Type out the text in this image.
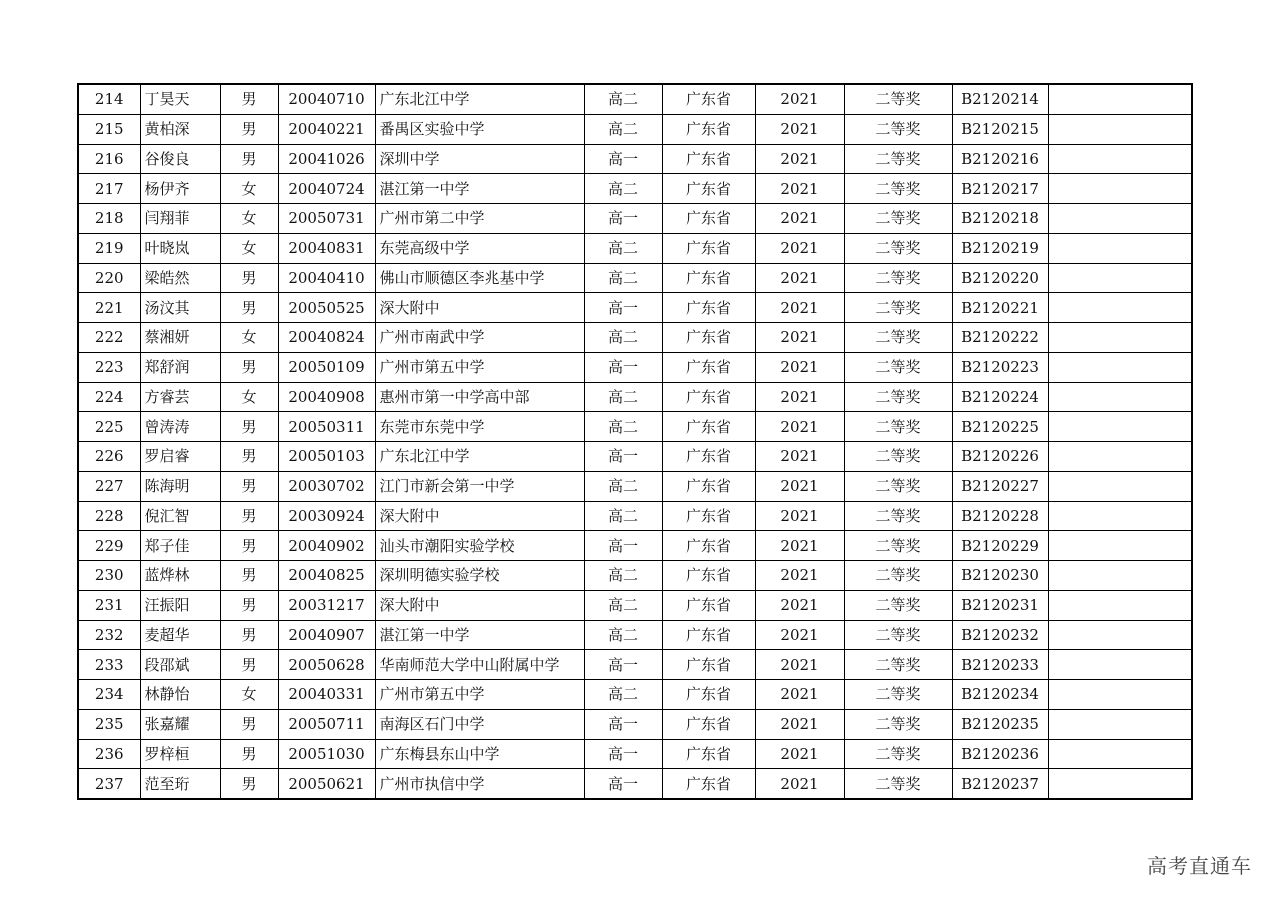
214	丁昊天	男	20040710	广东北江中学	高二	广东省	2021	二等奖	B2120214	
215	黄柏深	男	20040221	番禺区实验中学	高二	广东省	2021	二等奖	B2120215	
216	谷俊良	男	20041026	深圳中学	高一	广东省	2021	二等奖	B2120216	
217	杨伊齐	女	20040724	湛江第一中学	高二	广东省	2021	二等奖	B2120217	
218	闫翔菲	女	20050731	广州市第二中学	高一	广东省	2021	二等奖	B2120218	
219	叶晓岚	女	20040831	东莞高级中学	高二	广东省	2021	二等奖	B2120219	
220	梁皓然	男	20040410	佛山市顺德区李兆基中学	高二	广东省	2021	二等奖	B2120220	
221	汤汶其	男	20050525	深大附中	高一	广东省	2021	二等奖	B2120221	
222	蔡湘妍	女	20040824	广州市南武中学	高二	广东省	2021	二等奖	B2120222	
223	郑舒润	男	20050109	广州市第五中学	高一	广东省	2021	二等奖	B2120223	
224	方睿芸	女	20040908	惠州市第一中学高中部	高二	广东省	2021	二等奖	B2120224	
225	曾涛涛	男	20050311	东莞市东莞中学	高二	广东省	2021	二等奖	B2120225	
226	罗启睿	男	20050103	广东北江中学	高一	广东省	2021	二等奖	B2120226	
227	陈海明	男	20030702	江门市新会第一中学	高二	广东省	2021	二等奖	B2120227	
228	倪汇智	男	20030924	深大附中	高二	广东省	2021	二等奖	B2120228	
229	郑子佳	男	20040902	汕头市潮阳实验学校	高一	广东省	2021	二等奖	B2120229	
230	蓝烨林	男	20040825	深圳明德实验学校	高二	广东省	2021	二等奖	B2120230	
231	汪振阳	男	20031217	深大附中	高二	广东省	2021	二等奖	B2120231	
232	麦超华	男	20040907	湛江第一中学	高二	广东省	2021	二等奖	B2120232	
233	段邵斌	男	20050628	华南师范大学中山附属中学	高一	广东省	2021	二等奖	B2120233	
234	林静怡	女	20040331	广州市第五中学	高二	广东省	2021	二等奖	B2120234	
235	张嘉耀	男	20050711	南海区石门中学	高一	广东省	2021	二等奖	B2120235	
236	罗梓桓	男	20051030	广东梅县东山中学	高一	广东省	2021	二等奖	B2120236	
237	范至珩	男	20050621	广州市执信中学	高一	广东省	2021	二等奖	B2120237	
高考直通车
